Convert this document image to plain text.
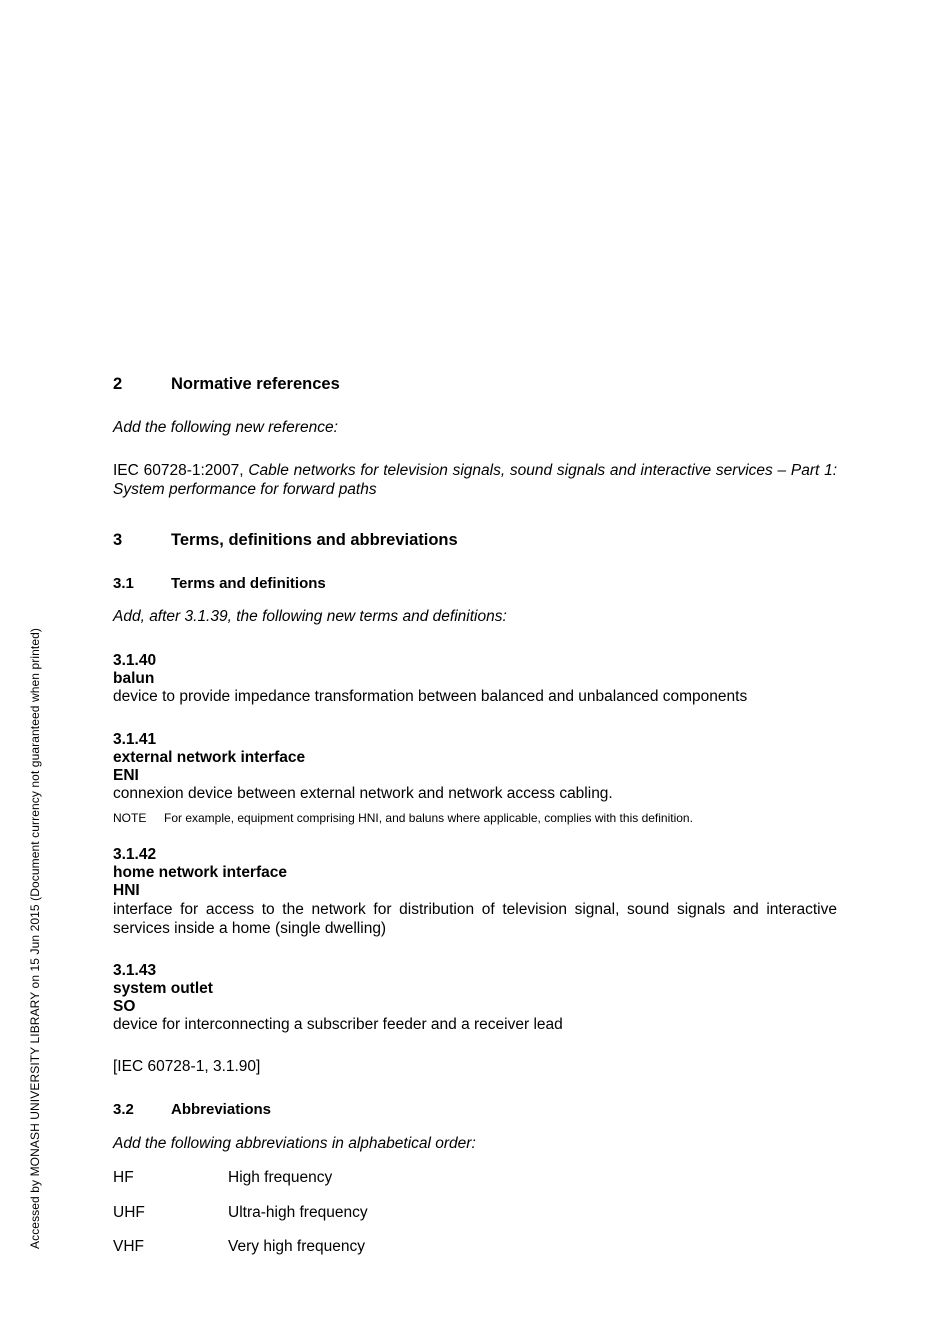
Accessed by MONASH UNIVERSITY LIBRARY on 15 Jun 2015 (Document currency not guaranteed when printed)
2	Normative references
Add the following new reference:
IEC 60728-1:2007, Cable networks for television signals, sound signals and interactive services – Part 1: System performance for forward paths
3	Terms, definitions and abbreviations
3.1 Terms and definitions
Add, after 3.1.39, the following new terms and definitions:
3.1.40
balun
device to provide impedance transformation between balanced and unbalanced components
3.1.41
external network interface
ENI
connexion device between external network and network access cabling.
NOTE For example, equipment comprising HNI, and baluns where applicable, complies with this definition.
3.1.42
home network interface
HNI
interface for access to the network for distribution of television signal, sound signals and interactive services inside a home (single dwelling)
3.1.43
system outlet
SO
device for interconnecting a subscriber feeder and a receiver lead
[IEC 60728-1, 3.1.90]
3.2 Abbreviations
Add the following abbreviations in alphabetical order:
HF	High frequency
UHF	Ultra-high frequency
VHF	Very high frequency
